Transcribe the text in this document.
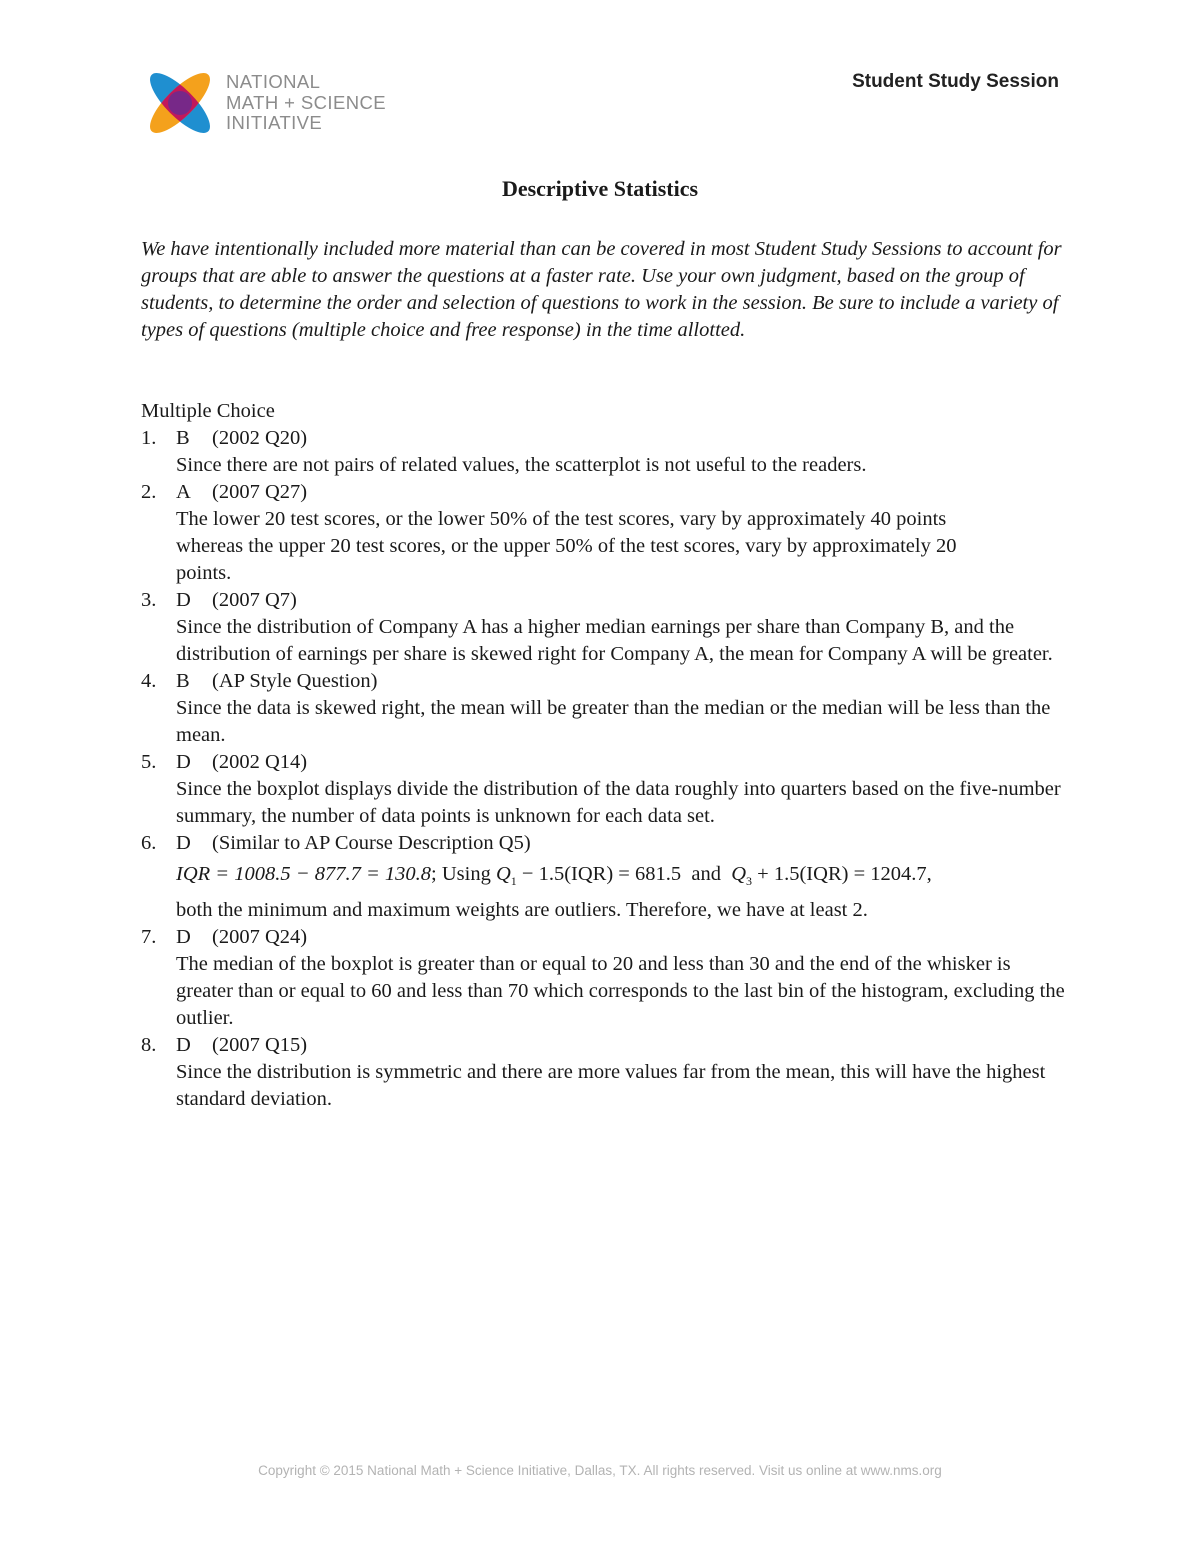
NATIONAL
MATH + SCIENCE
INITIATIVE
Student Study Session
Descriptive Statistics
We have intentionally included more material than can be covered in most Student Study Sessions to account for groups that are able to answer the questions at a faster rate. Use your own judgment, based on the group of students, to determine the order and selection of questions to work in the session. Be sure to include a variety of types of questions (multiple choice and free response) in the time allotted.
Multiple Choice
1. B (2002 Q20)
Since there are not pairs of related values, the scatterplot is not useful to the readers.
2. A (2007 Q27)
The lower 20 test scores, or the lower 50% of the test scores, vary by approximately 40 points whereas the upper 20 test scores, or the upper 50% of the test scores, vary by approximately 20 points.
3. D (2007 Q7)
Since the distribution of Company A has a higher median earnings per share than Company B, and the distribution of earnings per share is skewed right for Company A, the mean for Company A will be greater.
4. B (AP Style Question)
Since the data is skewed right, the mean will be greater than the median or the median will be less than the mean.
5. D (2002 Q14)
Since the boxplot displays divide the distribution of the data roughly into quarters based on the five-number summary, the number of data points is unknown for each data set.
6. D (Similar to AP Course Description Q5)
IQR = 1008.5 − 877.7 = 130.8; Using $Q_1 - 1.5(IQR) = 681.5$ and $Q_3 + 1.5(IQR) = 1204.7$,
both the minimum and maximum weights are outliers. Therefore, we have at least 2.
7. D (2007 Q24)
The median of the boxplot is greater than or equal to 20 and less than 30 and the end of the whisker is greater than or equal to 60 and less than 70 which corresponds to the last bin of the histogram, excluding the outlier.
8. D (2007 Q15)
Since the distribution is symmetric and there are more values far from the mean, this will have the highest standard deviation.
Copyright © 2015 National Math + Science Initiative, Dallas, TX. All rights reserved. Visit us online at www.nms.org
